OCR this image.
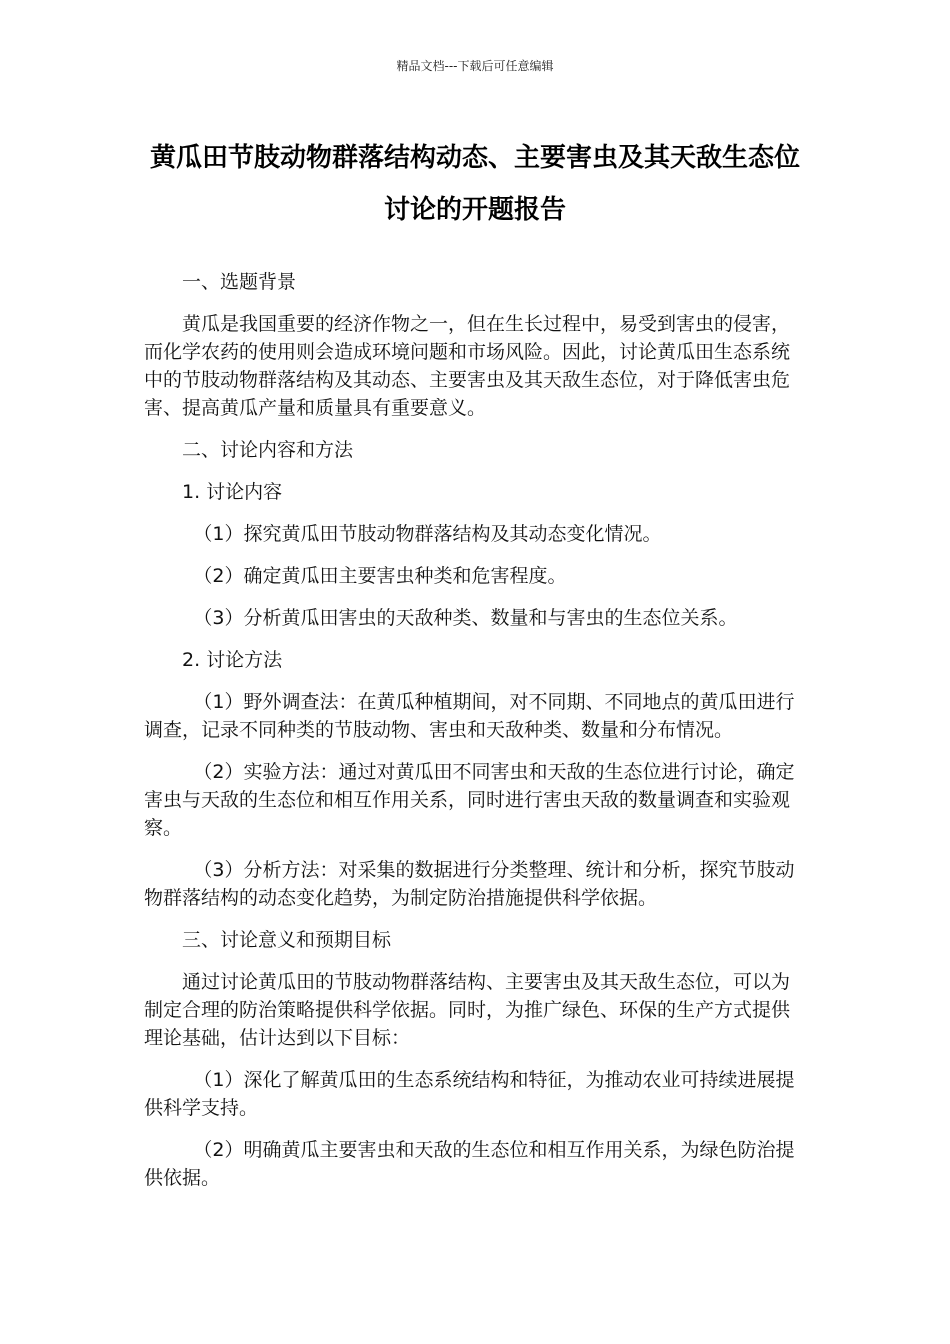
精品文档---下载后可任意编辑
黄瓜田节肢动物群落结构动态、主要害虫及其天敌生态位讨论的开题报告

一、选题背景

黄瓜是我国重要的经济作物之一，但在生长过程中，易受到害虫的侵害，而化学农药的使用则会造成环境问题和市场风险。因此，讨论黄瓜田生态系统中的节肢动物群落结构及其动态、主要害虫及其天敌生态位，对于降低害虫危害、提高黄瓜产量和质量具有重要意义。

二、讨论内容和方法

1. 讨论内容

（1）探究黄瓜田节肢动物群落结构及其动态变化情况。

（2）确定黄瓜田主要害虫种类和危害程度。

（3）分析黄瓜田害虫的天敌种类、数量和与害虫的生态位关系。

2. 讨论方法

（1）野外调查法：在黄瓜种植期间，对不同期、不同地点的黄瓜田进行调查，记录不同种类的节肢动物、害虫和天敌种类、数量和分布情况。

（2）实验方法：通过对黄瓜田不同害虫和天敌的生态位进行讨论，确定害虫与天敌的生态位和相互作用关系，同时进行害虫天敌的数量调查和实验观察。

（3）分析方法：对采集的数据进行分类整理、统计和分析，探究节肢动物群落结构的动态变化趋势，为制定防治措施提供科学依据。

三、讨论意义和预期目标

通过讨论黄瓜田的节肢动物群落结构、主要害虫及其天敌生态位，可以为制定合理的防治策略提供科学依据。同时，为推广绿色、环保的生产方式提供理论基础，估计达到以下目标：

（1）深化了解黄瓜田的生态系统结构和特征，为推动农业可持续进展提供科学支持。

（2）明确黄瓜主要害虫和天敌的生态位和相互作用关系，为绿色防治提供依据。
